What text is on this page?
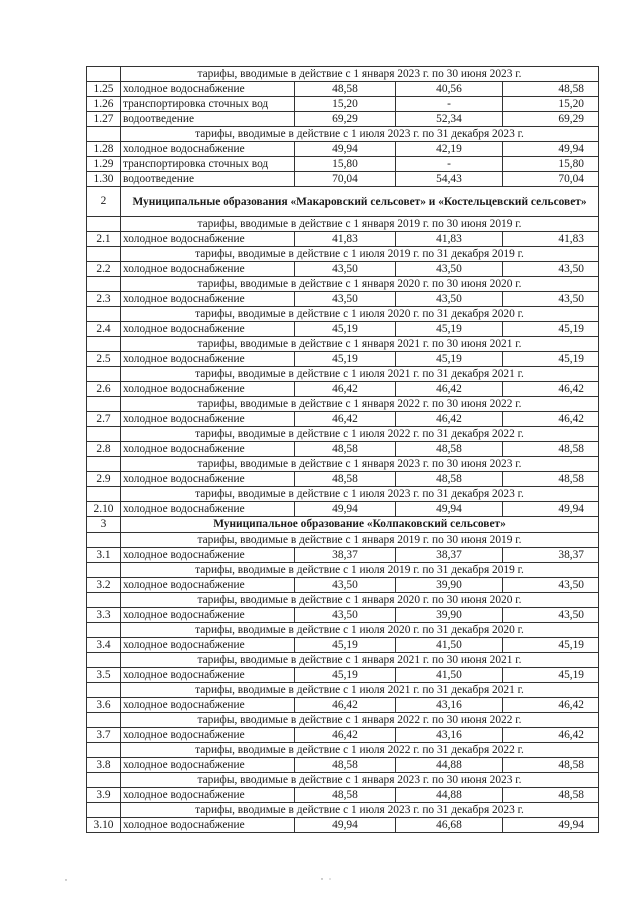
	тарифы, вводимые в действие с 1 января 2023 г. по 30 июня 2023 г.			
1.25	холодное водоснабжение	48,58	40,56	48,58
1.26	транспортировка сточных вод	15,20	-	15,20
1.27	водоотведение	69,29	52,34	69,29
	тарифы, вводимые в действие с 1 июля 2023 г. по 31 декабря 2023 г.			
1.28	холодное водоснабжение	49,94	42,19	49,94
1.29	транспортировка сточных вод	15,80	-	15,80
1.30	водоотведение	70,04	54,43	70,04
2	Муниципальные образования «Макаровский сельсовет» и «Костельцевский сельсовет»			
	тарифы, вводимые в действие с 1 января 2019 г. по 30 июня 2019 г.			
2.1	холодное водоснабжение	41,83	41,83	41,83
	тарифы, вводимые в действие с 1 июля 2019 г. по 31 декабря 2019 г.			
2.2	холодное водоснабжение	43,50	43,50	43,50
	тарифы, вводимые в действие с 1 января 2020 г. по 30 июня 2020 г.			
2.3	холодное водоснабжение	43,50	43,50	43,50
	тарифы, вводимые в действие с 1 июля 2020 г. по 31 декабря 2020 г.			
2.4	холодное водоснабжение	45,19	45,19	45,19
	тарифы, вводимые в действие с 1 января 2021 г. по 30 июня 2021 г.			
2.5	холодное водоснабжение	45,19	45,19	45,19
	тарифы, вводимые в действие с 1 июля 2021 г. по 31 декабря 2021 г.			
2.6	холодное водоснабжение	46,42	46,42	46,42
	тарифы, вводимые в действие с 1 января 2022 г. по 30 июня 2022 г.			
2.7	холодное водоснабжение	46,42	46,42	46,42
	тарифы, вводимые в действие с 1 июля 2022 г. по 31 декабря 2022 г.			
2.8	холодное водоснабжение	48,58	48,58	48,58
	тарифы, вводимые в действие с 1 января 2023 г. по 30 июня 2023 г.			
2.9	холодное водоснабжение	48,58	48,58	48,58
	тарифы, вводимые в действие с 1 июля 2023 г. по 31 декабря 2023 г.			
2.10	холодное водоснабжение	49,94	49,94	49,94
3	Муниципальное образование «Колпаковский сельсовет»			
	тарифы, вводимые в действие с 1 января 2019 г. по 30 июня 2019 г.			
3.1	холодное водоснабжение	38,37	38,37	38,37
	тарифы, вводимые в действие с 1 июля 2019 г. по 31 декабря 2019 г.			
3.2	холодное водоснабжение	43,50	39,90	43,50
	тарифы, вводимые в действие с 1 января 2020 г. по 30 июня 2020 г.			
3.3	холодное водоснабжение	43,50	39,90	43,50
	тарифы, вводимые в действие с 1 июля 2020 г. по 31 декабря 2020 г.			
3.4	холодное водоснабжение	45,19	41,50	45,19
	тарифы, вводимые в действие с 1 января 2021 г. по 30 июня 2021 г.			
3.5	холодное водоснабжение	45,19	41,50	45,19
	тарифы, вводимые в действие с 1 июля 2021 г. по 31 декабря 2021 г.			
3.6	холодное водоснабжение	46,42	43,16	46,42
	тарифы, вводимые в действие с 1 января 2022 г. по 30 июня 2022 г.			
3.7	холодное водоснабжение	46,42	43,16	46,42
	тарифы, вводимые в действие с 1 июля 2022 г. по 31 декабря 2022 г.			
3.8	холодное водоснабжение	48,58	44,88	48,58
	тарифы, вводимые в действие с 1 января 2023 г. по 30 июня 2023 г.			
3.9	холодное водоснабжение	48,58	44,88	48,58
	тарифы, вводимые в действие с 1 июля 2023 г. по 31 декабря 2023 г.			
3.10	холодное водоснабжение	49,94	46,68	49,94
